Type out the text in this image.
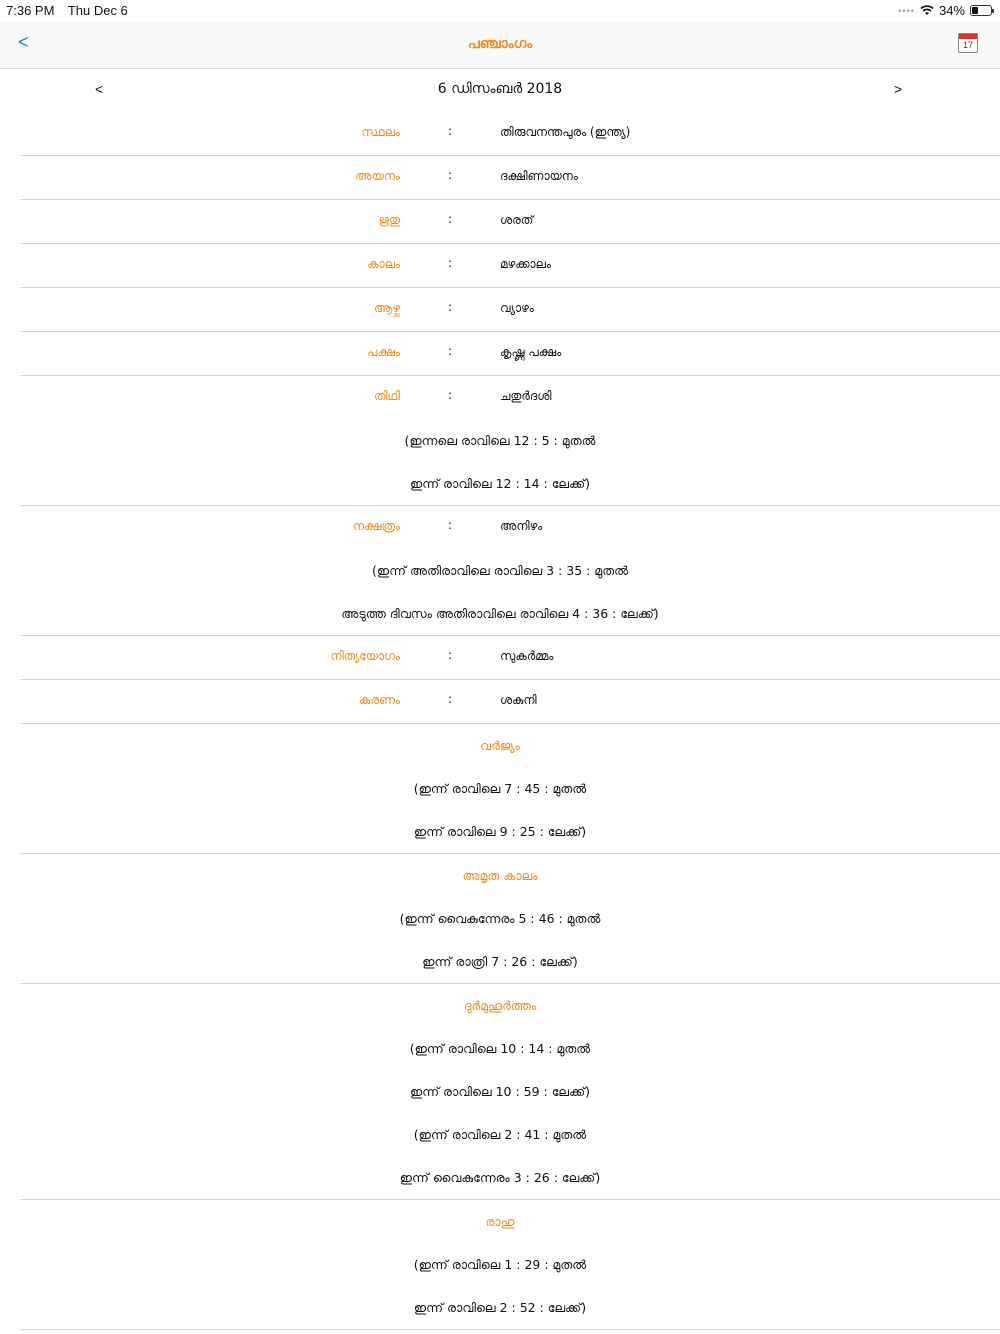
7:36 PM Thu Dec 6	•••• 34%
<	പഞ്ചാംഗം	17
<	6 ഡിസംബർ 2018	>
സ്ഥലം	:	തിരുവനന്തപുരം (ഇന്ത്യ)
അയനം	:	ദക്ഷിണായനം
ഋതു	:	ശരത്
കാലം	:	മഴക്കാലം
ആഴ്ച	:	വ്യാഴം
പക്ഷം	:	കൃഷ്ണ പക്ഷം
തിഥി	:	ചതുർദശി
(ഇന്നലെ രാവിലെ 12 : 5 : മുതൽ
ഇന്ന് രാവിലെ 12 : 14 : ലേക്ക്)
നക്ഷത്രം	:	അനിഴം
(ഇന്ന് അതിരാവിലെ രാവിലെ 3 : 35 : മുതൽ
അടുത്ത ദിവസം അതിരാവിലെ രാവിലെ 4 : 36 : ലേക്ക്)
നിത്യയോഗം	:	സുകർമ്മം
കരണം	:	ശകുനി
വർജ്യം
(ഇന്ന് രാവിലെ 7 : 45 : മുതൽ
ഇന്ന് രാവിലെ 9 : 25 : ലേക്ക്)
അമൃത കാലം
(ഇന്ന് വൈകുന്നേരം 5 : 46 : മുതൽ
ഇന്ന് രാത്രി 7 : 26 : ലേക്ക്)
ദുർമുഹൂർത്തം
(ഇന്ന് രാവിലെ 10 : 14 : മുതൽ
ഇന്ന് രാവിലെ 10 : 59 : ലേക്ക്)
(ഇന്ന് രാവിലെ 2 : 41 : മുതൽ
ഇന്ന് വൈകുന്നേരം 3 : 26 : ലേക്ക്)
രാഹു
(ഇന്ന് രാവിലെ 1 : 29 : മുതൽ
ഇന്ന് രാവിലെ 2 : 52 : ലേക്ക്)
